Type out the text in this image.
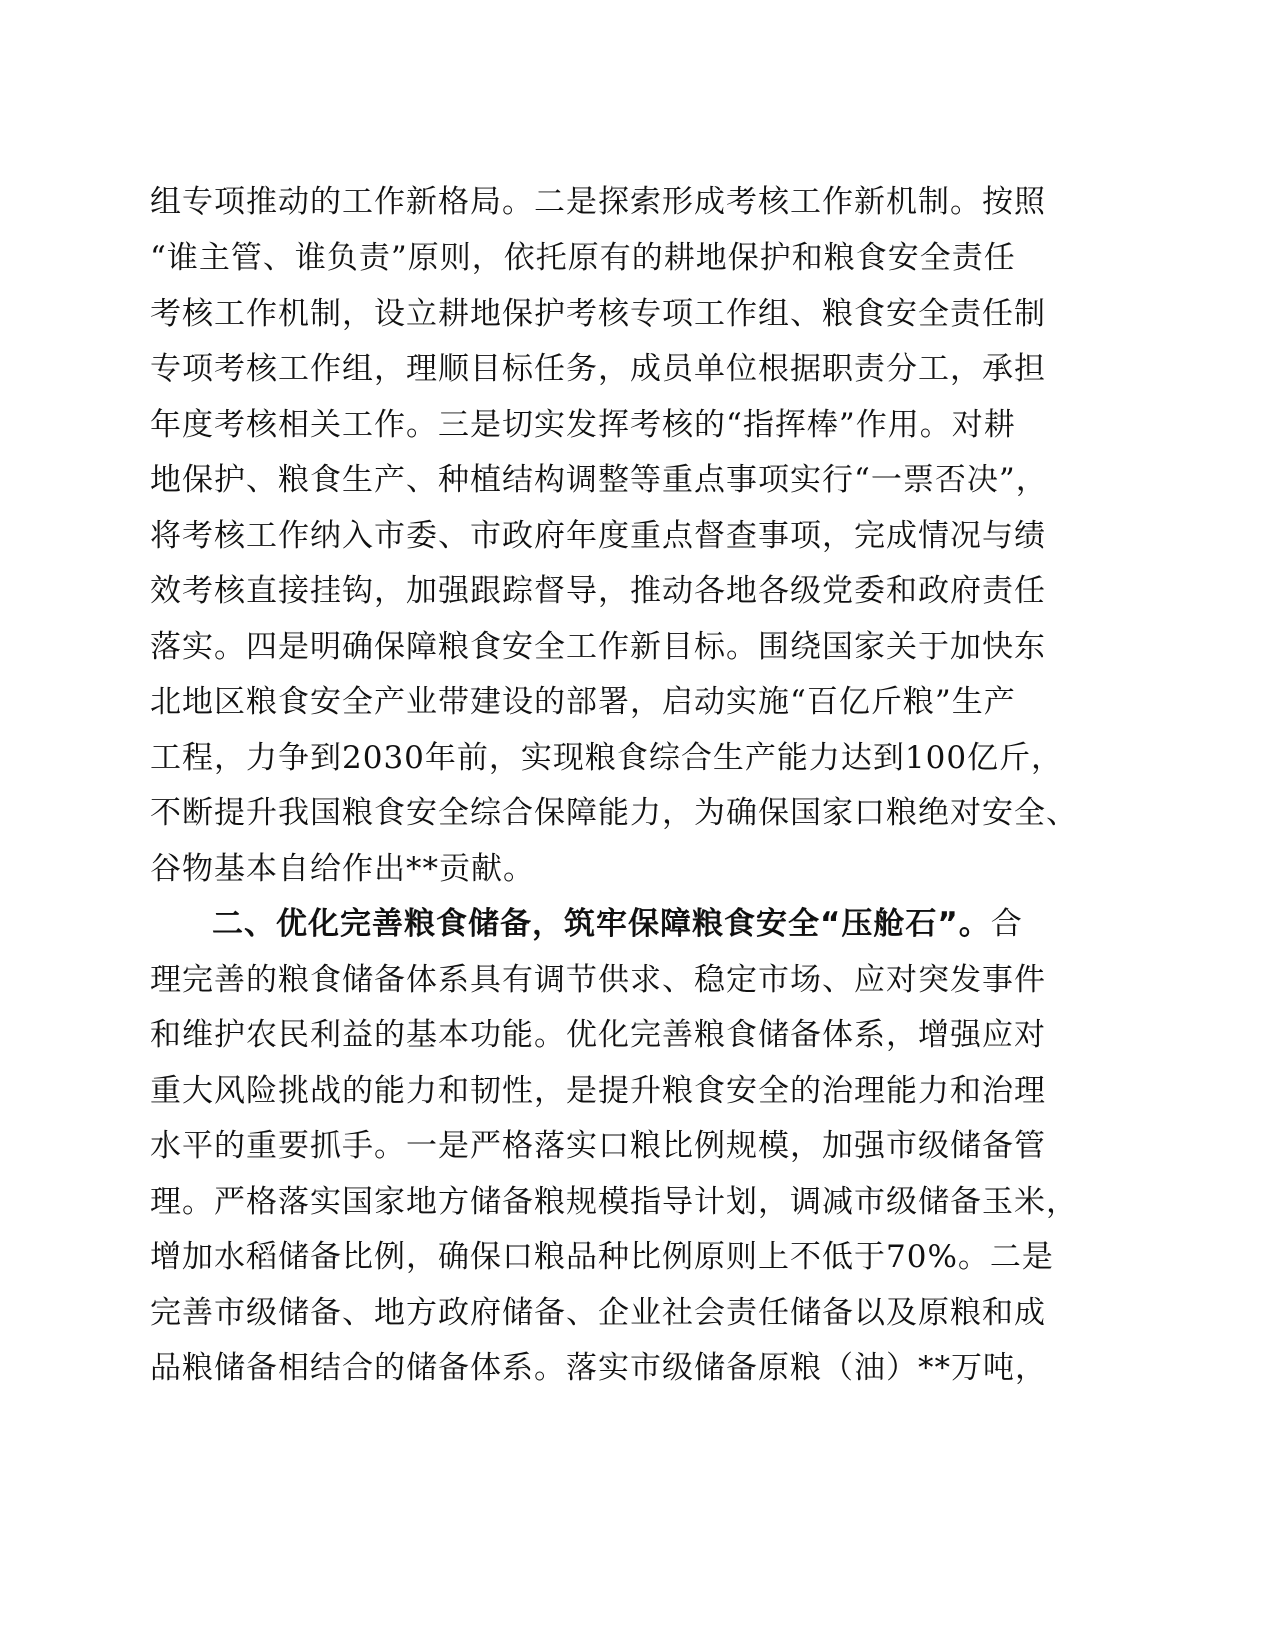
组专项推动的工作新格局。二是探索形成考核工作新机制。按照
“谁主管、谁负责”原则，依托原有的耕地保护和粮食安全责任
考核工作机制，设立耕地保护考核专项工作组、粮食安全责任制
专项考核工作组，理顺目标任务，成员单位根据职责分工，承担
年度考核相关工作。三是切实发挥考核的“指挥棒”作用。对耕
地保护、粮食生产、种植结构调整等重点事项实行“一票否决”，
将考核工作纳入市委、市政府年度重点督查事项，完成情况与绩
效考核直接挂钩，加强跟踪督导，推动各地各级党委和政府责任
落实。四是明确保障粮食安全工作新目标。围绕国家关于加快东
北地区粮食安全产业带建设的部署，启动实施“百亿斤粮”生产
工程，力争到2030年前，实现粮食综合生产能力达到100亿斤，
不断提升我国粮食安全综合保障能力，为确保国家口粮绝对安全、
谷物基本自给作出**贡献。
二、优化完善粮食储备，筑牢保障粮食安全“压舱石”。合
理完善的粮食储备体系具有调节供求、稳定市场、应对突发事件
和维护农民利益的基本功能。优化完善粮食储备体系，增强应对
重大风险挑战的能力和韧性，是提升粮食安全的治理能力和治理
水平的重要抓手。一是严格落实口粮比例规模，加强市级储备管
理。严格落实国家地方储备粮规模指导计划，调减市级储备玉米，
增加水稻储备比例，确保口粮品种比例原则上不低于70%。二是
完善市级储备、地方政府储备、企业社会责任储备以及原粮和成
品粮储备相结合的储备体系。落实市级储备原粮（油）**万吨，
